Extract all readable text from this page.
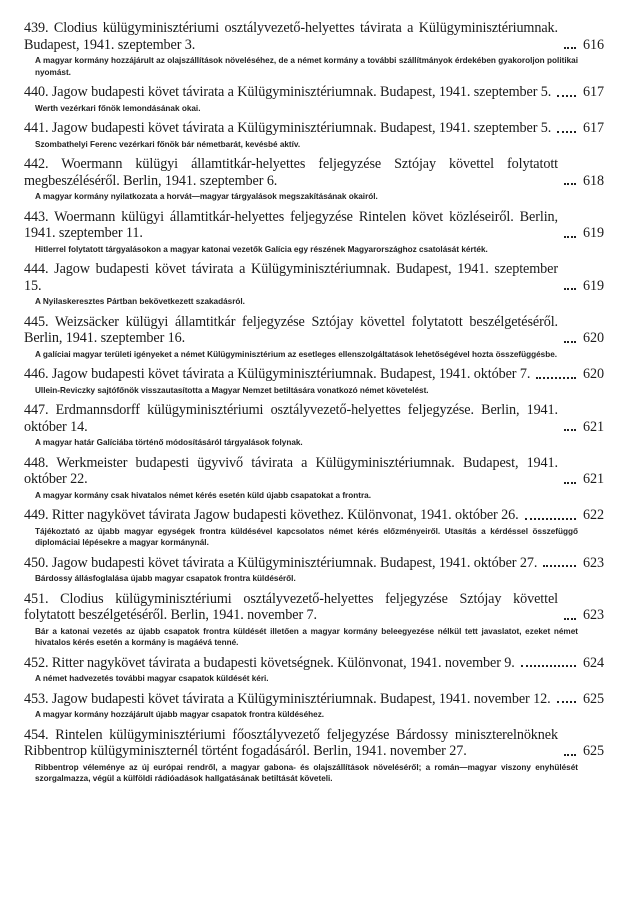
439. Clodius külügyminisztériumi osztályvezető-helyettes távirata a Külügyminisztériumnak. Budapest, 1941. szeptember 3.	616
A magyar kormány hozzájárult az olajszállítások növeléséhez, de a német kormány a további szállítmányok érdekében gyakoroljon politikai nyomást.
440. Jagow budapesti követ távirata a Külügyminisztériumnak. Budapest, 1941. szeptember 5. 617
Werth vezérkari főnök lemondásának okai.
441. Jagow budapesti követ távirata a Külügyminisztériumnak. Budapest, 1941. szeptember 5. 617
Szombathelyi Ferenc vezérkari főnök bár németbarát, kevésbé aktív.
442. Woermann külügyi államtitkár-helyettes feljegyzése Sztójay követtel folytatott megbeszéléséről. Berlin, 1941. szeptember 6.	618
A magyar kormány nyilatkozata a horvát—magyar tárgyalások megszakításának okairól.
443. Woermann külügyi államtitkár-helyettes feljegyzése Rintelen követ közléseiről. Berlin, 1941. szeptember 11.	619
Hitlerrel folytatott tárgyalásokon a magyar katonai vezetők Galícia egy részének Magyarországhoz csatolását kérték.
444. Jagow budapesti követ távirata a Külügyminisztériumnak. Budapest, 1941. szeptember 15.	619
A Nyilaskeresztes Pártban bekövetkezett szakadásról.
445. Weizsäcker külügyi államtitkár feljegyzése Sztójay követtel folytatott beszélgetéséről. Berlin, 1941. szeptember 16.	620
A galíciai magyar területi igényeket a német Külügyminisztérium az esetleges ellenszolgáltatások lehetőségével hozta összefüggésbe.
446. Jagow budapesti követ távirata a Külügyminisztériumnak. Budapest, 1941. október 7.	620
Ullein-Reviczky sajtófőnök visszautasította a Magyar Nemzet betiltására vonatkozó német követelést.
447. Erdmannsdorff külügyminisztériumi osztályvezető-helyettes feljegyzése. Berlin, 1941. október 14.	621
A magyar határ Galíciába történő módosításáról tárgyalások folynak.
448. Werkmeister budapesti ügyvivő távirata a Külügyminisztériumnak. Budapest, 1941. október 22.	621
A magyar kormány csak hivatalos német kérés esetén küld újabb csapatokat a frontra.
449. Ritter nagykövet távirata Jagow budapesti követhez. Különvonat, 1941. október 26.	622
Tájékoztató az újabb magyar egységek frontra küldésével kapcsolatos német kérés előzményeiről. Utasítás a kérdéssel összefüggő diplomáciai lépésekre a magyar kormánynál.
450. Jagow budapesti követ távirata a Külügyminisztériumnak. Budapest, 1941. október 27.	623
Bárdossy állásfoglalása újabb magyar csapatok frontra küldéséről.
451. Clodius külügyminisztériumi osztályvezető-helyettes feljegyzése Sztójay követtel folytatott beszélgetéséről. Berlin, 1941. november 7.	623
Bár a katonai vezetés az újabb csapatok frontra küldését illetően a magyar kormány beleegyezése nélkül tett javaslatot, ezeket német hivatalos kérés esetén a kormány is magáévá tenné.
452. Ritter nagykövet távirata a budapesti követségnek. Különvonat, 1941. november 9.	624
A német hadvezetés további magyar csapatok küldését kéri.
453. Jagow budapesti követ távirata a Külügyminisztériumnak. Budapest, 1941. november 12. 625
A magyar kormány hozzájárult újabb magyar csapatok frontra küldéséhez.
454. Rintelen külügyminisztériumi főosztályvezető feljegyzése Bárdossy miniszterelnöknek Ribbentrop külügyminiszternél történt fogadásáról. Berlin, 1941. november 27.	625
Ribbentrop véleménye az új európai rendről, a magyar gabona- és olajszállítások növeléséről; a román—magyar viszony enyhülését szorgalmazza, végül a külföldi rádióadások hallgatásának betiltását követeli.
